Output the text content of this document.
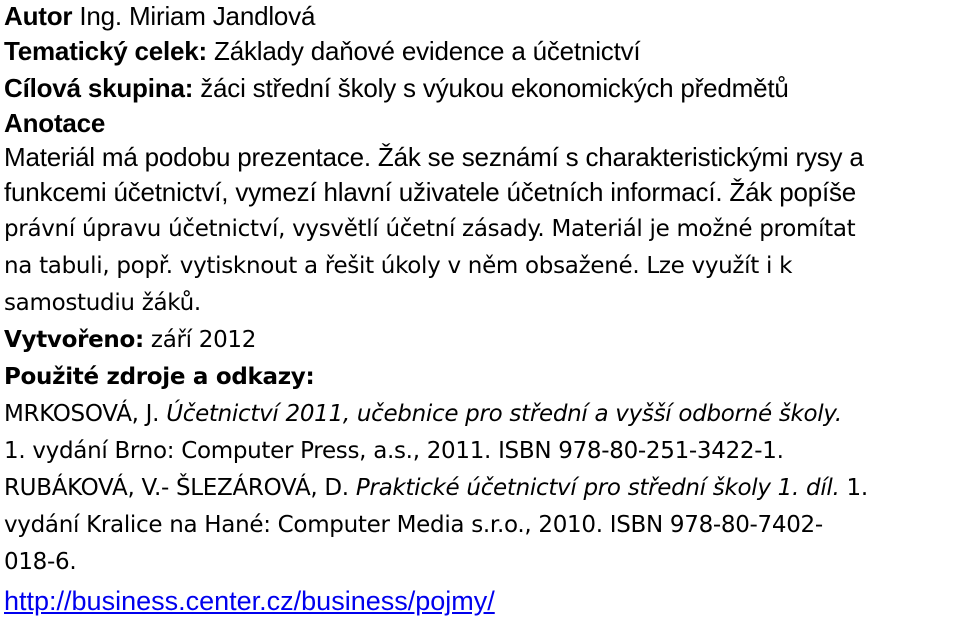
Autor Ing. Miriam Jandlová

Tematický celek: Základy daňové evidence a účetnictví

Cílová skupina: žáci střední školy s výukou ekonomických předmětů

Anotace

Materiál má podobu prezentace. Žák se seznámí s charakteristickými rysy a

funkcemi účetnictví, vymezí hlavní uživatele účetních informací. Žák popíše

právní úpravu účetnictví, vysvětlí účetní zásady. Materiál je možné promítat

na tabuli, popř. vytisknout a řešit úkoly v něm obsažené. Lze využít i k

samostudiu žáků.

Vytvořeno: září 2012

Použité zdroje a odkazy:

MRKOSOVÁ, J. Účetnictví 2011, učebnice pro střední a vyšší odborné školy.

1. vydání Brno: Computer Press, a.s., 2011. ISBN 978-80-251-3422-1.

RUBÁKOVÁ, V.- ŠLEZÁROVÁ, D. Praktické účetnictví pro střední školy 1. díl. 1.

vydání Kralice na Hané: Computer Media s.r.o., 2010. ISBN 978-80-7402-

018-6.

http://business.center.cz/business/pojmy/
